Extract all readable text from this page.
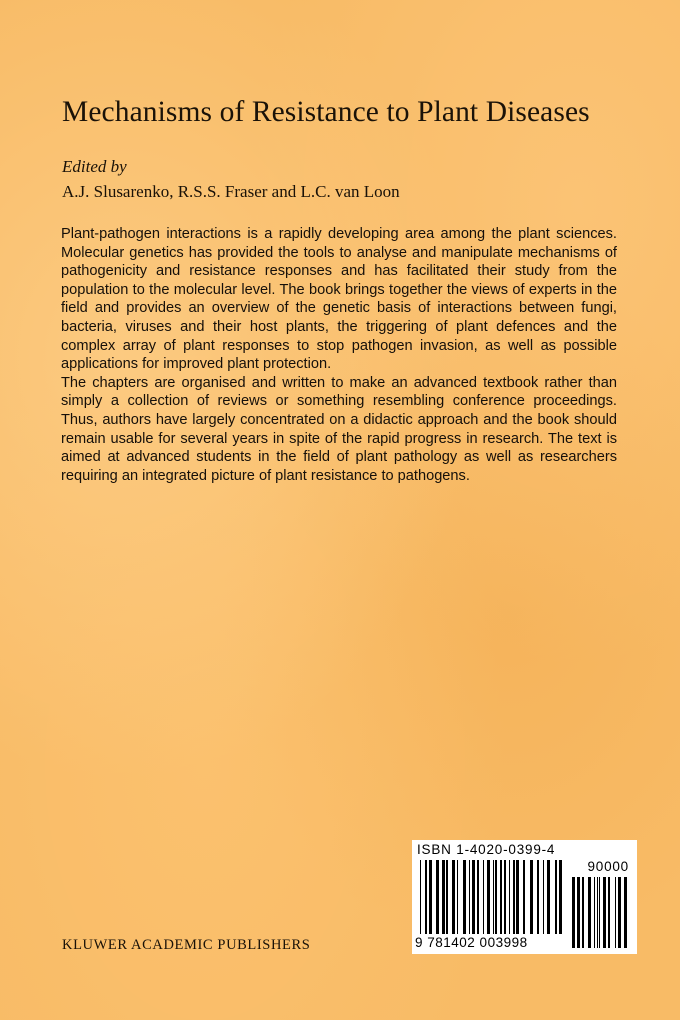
Mechanisms of Resistance to Plant Diseases
Edited by
A.J. Slusarenko, R.S.S. Fraser and L.C. van Loon

Plant-pathogen interactions is a rapidly developing area among the plant sciences. Molecular genetics has provided the tools to analyse and manipulate mechanisms of pathogenicity and resistance responses and has facilitated their study from the population to the molecular level. The book brings together the views of experts in the field and provides an overview of the genetic basis of interactions between fungi, bacteria, viruses and their host plants, the triggering of plant defences and the complex array of plant responses to stop pathogen invasion, as well as possible applications for improved plant protection.

The chapters are organised and written to make an advanced textbook rather than simply a collection of reviews or something resembling conference proceedings. Thus, authors have largely concentrated on a didactic approach and the book should remain usable for several years in spite of the rapid progress in research. The text is aimed at advanced students in the field of plant pathology as well as researchers requiring an integrated picture of plant resistance to pathogens.

KLUWER ACADEMIC PUBLISHERS
ISBN 1-4020-0399-4
90000
9 781402 003998
